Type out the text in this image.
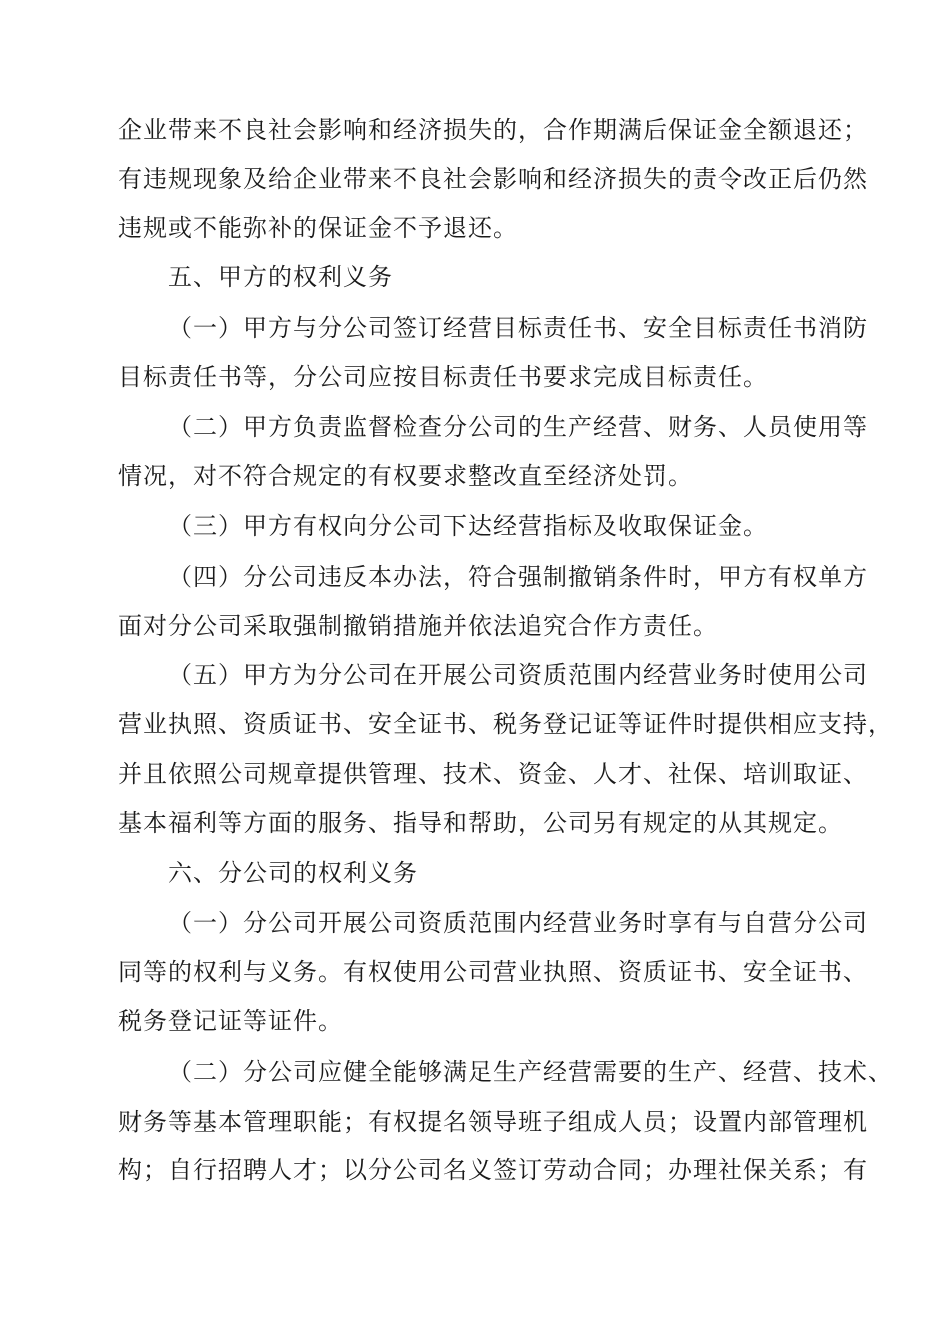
企业带来不良社会影响和经济损失的，合作期满后保证金全额退还；
有违规现象及给企业带来不良社会影响和经济损失的责令改正后仍然
违规或不能弥补的保证金不予退还。
五、甲方的权利义务
（一）甲方与分公司签订经营目标责任书、安全目标责任书消防
目标责任书等，分公司应按目标责任书要求完成目标责任。
（二）甲方负责监督检查分公司的生产经营、财务、人员使用等
情况，对不符合规定的有权要求整改直至经济处罚。
（三）甲方有权向分公司下达经营指标及收取保证金。
（四）分公司违反本办法，符合强制撤销条件时，甲方有权单方
面对分公司采取强制撤销措施并依法追究合作方责任。
（五）甲方为分公司在开展公司资质范围内经营业务时使用公司
营业执照、资质证书、安全证书、税务登记证等证件时提供相应支持，
并且依照公司规章提供管理、技术、资金、人才、社保、培训取证、
基本福利等方面的服务、指导和帮助，公司另有规定的从其规定。
六、分公司的权利义务
（一）分公司开展公司资质范围内经营业务时享有与自营分公司
同等的权利与义务。有权使用公司营业执照、资质证书、安全证书、
税务登记证等证件。
（二）分公司应健全能够满足生产经营需要的生产、经营、技术、
财务等基本管理职能；有权提名领导班子组成人员；设置内部管理机
构；自行招聘人才；以分公司名义签订劳动合同；办理社保关系；有
